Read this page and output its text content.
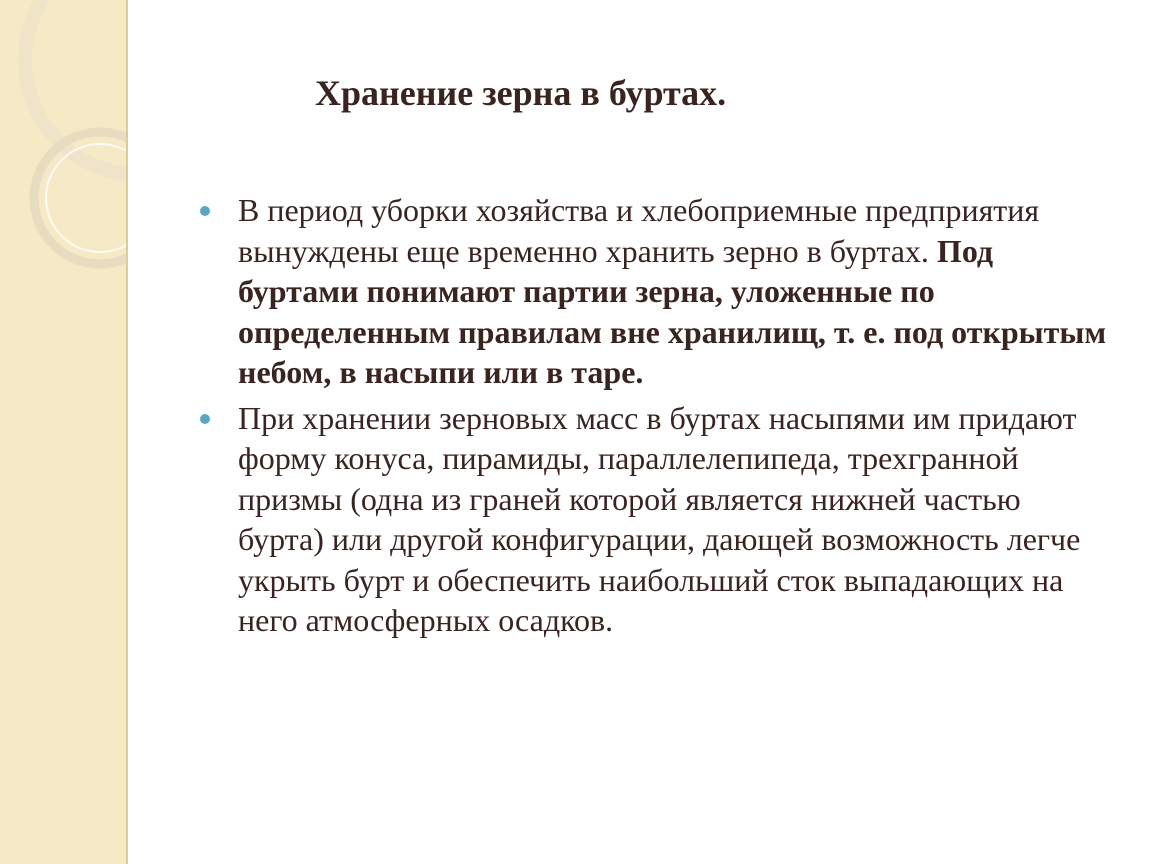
Хранение зерна в буртах.
В период уборки хозяйства и хлебоприемные предприятия вынуждены еще временно хранить зерно в буртах. Под буртами понимают партии зерна, уложенные по определенным правилам вне хранилищ, т. е. под открытым небом, в насыпи или в таре.
При хранении зерновых масс в буртах насыпями им придают форму конуса, пирамиды, параллелепипеда, трехгранной призмы (одна из граней которой является нижней частью бурта) или другой конфигурации, дающей возможность легче укрыть бурт и обеспечить наибольший сток выпадающих на него атмосферных осадков.
